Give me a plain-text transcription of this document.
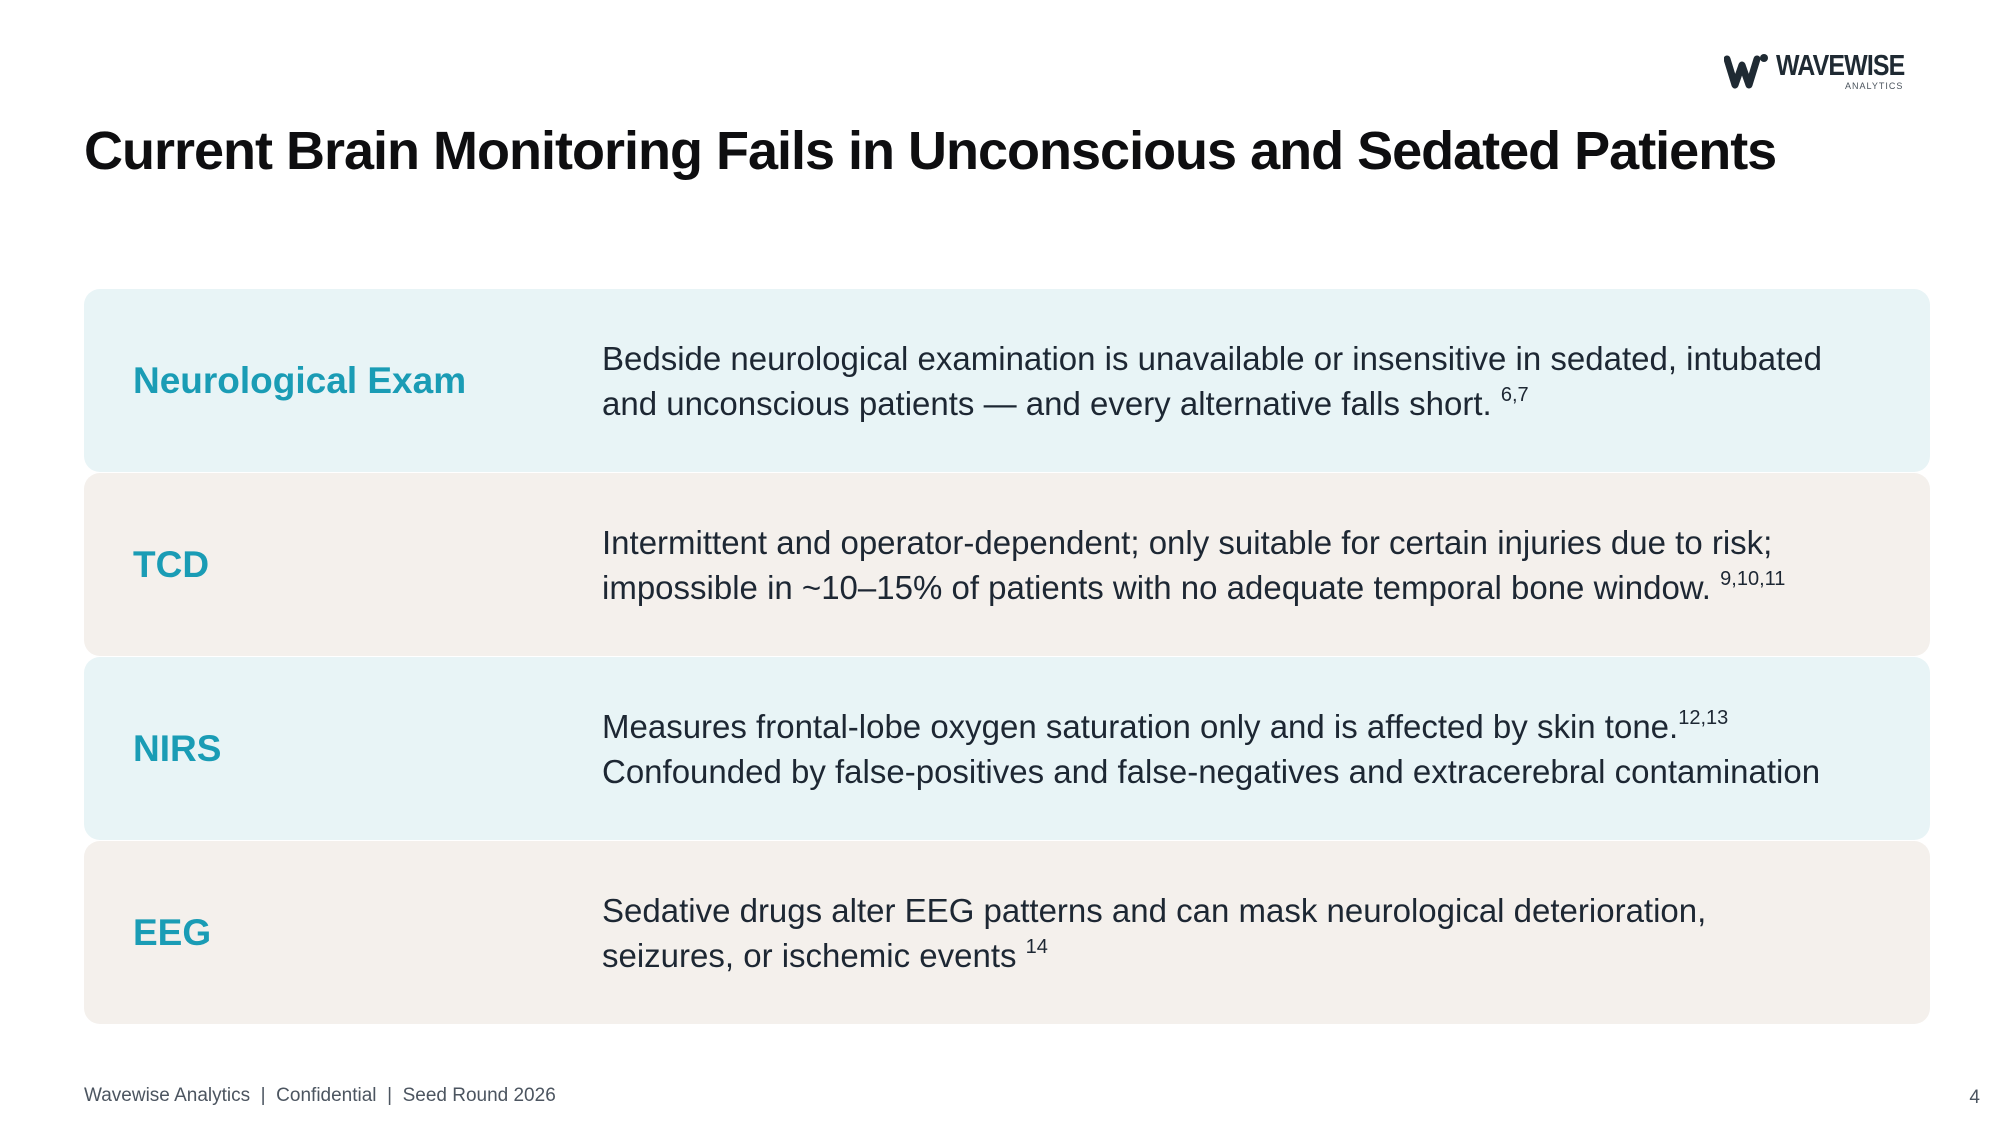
WAVEWISE
ANALYTICS
Current Brain Monitoring Fails in Unconscious and Sedated Patients
Neurological Exam
Bedside neurological examination is unavailable or insensitive in sedated, intubated
and unconscious patients — and every alternative falls short. $^{6,7}$
TCD
Intermittent and operator-dependent; only suitable for certain injuries due to risk;
impossible in ~10–15% of patients with no adequate temporal bone window. $^{9,10,11}$
NIRS
Measures frontal-lobe oxygen saturation only and is affected by skin tone.$^{12,13}$
Confounded by false-positives and false-negatives and extracerebral contamination
EEG
Sedative drugs alter EEG patterns and can mask neurological deterioration,
seizures, or ischemic events $^{14}$
Wavewise Analytics  |  Confidential  |  Seed Round 2026	4
